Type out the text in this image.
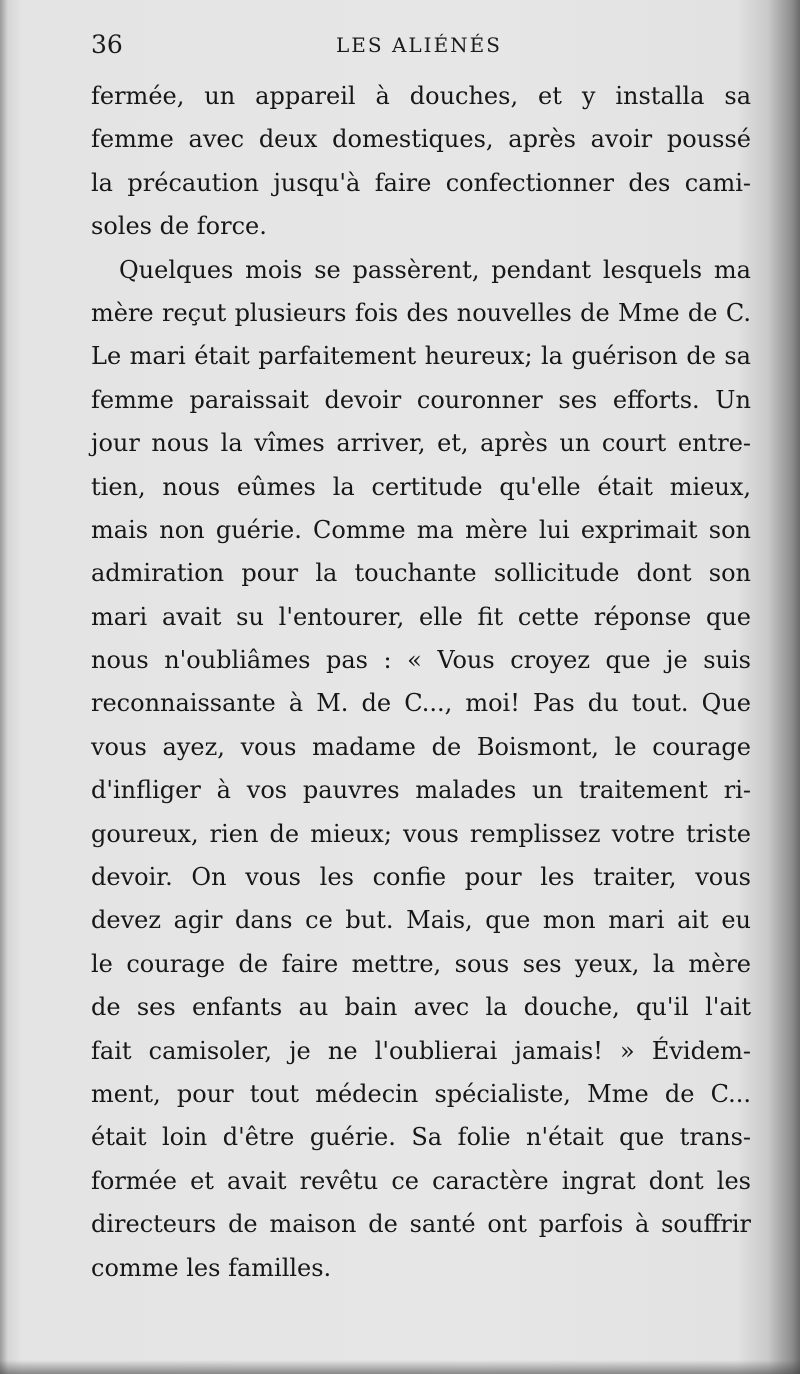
36	LES ALIÉNÉS
fermée, un appareil à douches, et y installa sa
femme avec deux domestiques, après avoir poussé
la précaution jusqu'à faire confectionner des cami-
soles de force.
Quelques mois se passèrent, pendant lesquels ma
mère reçut plusieurs fois des nouvelles de Mme de C.
Le mari était parfaitement heureux; la guérison de sa
femme paraissait devoir couronner ses efforts. Un
jour nous la vîmes arriver, et, après un court entre-
tien, nous eûmes la certitude qu'elle était mieux,
mais non guérie. Comme ma mère lui exprimait son
admiration pour la touchante sollicitude dont son
mari avait su l'entourer, elle fit cette réponse que
nous n'oubliâmes pas : « Vous croyez que je suis
reconnaissante à M. de C..., moi! Pas du tout. Que
vous ayez, vous madame de Boismont, le courage
d'infliger à vos pauvres malades un traitement ri-
goureux, rien de mieux; vous remplissez votre triste
devoir. On vous les confie pour les traiter, vous
devez agir dans ce but. Mais, que mon mari ait eu
le courage de faire mettre, sous ses yeux, la mère
de ses enfants au bain avec la douche, qu'il l'ait
fait camisoler, je ne l'oublierai jamais! » Évidem-
ment, pour tout médecin spécialiste, Mme de C...
était loin d'être guérie. Sa folie n'était que trans-
formée et avait revêtu ce caractère ingrat dont les
directeurs de maison de santé ont parfois à souffrir
comme les familles.
